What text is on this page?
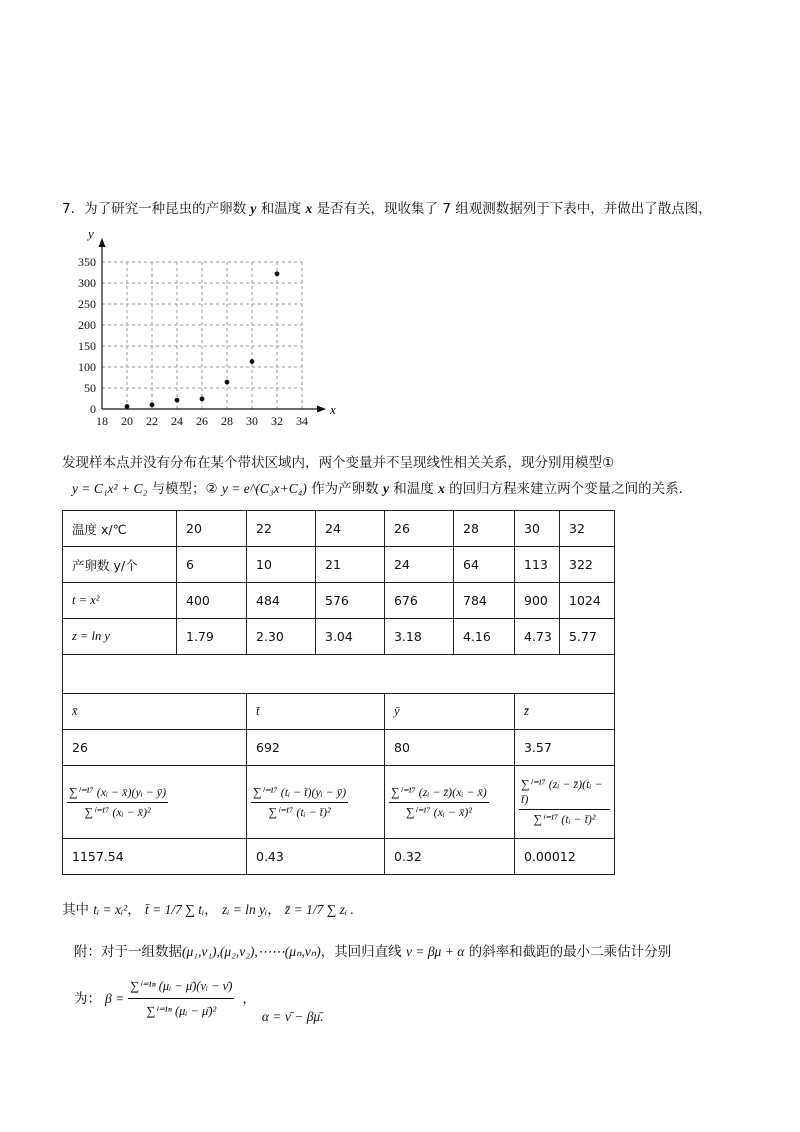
7．为了研究一种昆虫的产卵数 y 和温度 x 是否有关，现收集了 7 组观测数据列于下表中，并做出了散点图，
x
y
18 20 22 24 26 28 30 32 34
0
50
100
150
200
250
300
350
发现样本点并没有分布在某个带状区域内，两个变量并不呈现线性相关关系，现分别用模型①
y = C₁x² + C₂ 与模型；② y = e^(C₃x+C₄) 作为产卵数 y 和温度 x 的回归方程来建立两个变量之间的关系.
温度 x/℃	20	22	24	26	28	30	32
产卵数 y/个	6	10	21	24	64	113	322
t = x²	400	484	576	676	784	900	1024
z = ln y	1.79	2.30	3.04	3.18	4.16	4.73	5.77

x̄		t̄		ȳ		z̄	
26		692		80		3.57	

$\frac{\text{∑ⁱ⁼¹⁷ (xᵢ − x̄)(yᵢ − ȳ)}}{\text{∑ⁱ⁼¹⁷ (xᵢ − x̄)²}}$		$\frac{\text{∑ⁱ⁼¹⁷ (tᵢ − t̄)(yᵢ − ȳ)}}{\text{∑ⁱ⁼¹⁷ (tᵢ − t̄)²}}$		$\frac{\text{∑ⁱ⁼¹⁷ (zᵢ − z̄)(xᵢ − x̄)}}{\text{∑ⁱ⁼¹⁷ (xᵢ − x̄)²}}$		$\frac{\text{∑ⁱ⁼¹⁷ (zᵢ − z̄)(tᵢ − t̄)}}{\text{∑ⁱ⁼¹⁷ (tᵢ − t̄)²}}$

1157.54		0.43		0.32		0.00012	
其中 tᵢ = xᵢ²， t̄ = 1/7 ∑ tᵢ， zᵢ = ln yᵢ， z̄ = 1/7 ∑ zᵢ .
附：对于一组数据(μ₁,ν₁),(μ₂,ν₂),⋯⋯(μₙ,νₙ)，其回归直线 ν = βμ + α 的斜率和截距的最小二乘估计分别
为： $\beta = \frac{\text{∑ⁱ⁼¹ⁿ (μᵢ − μ̄)(νᵢ − ν̄)}}{\text{∑ⁱ⁼¹ⁿ (μᵢ − μ̄)²}}$ ，
α = ν̄ − βμ̄.
